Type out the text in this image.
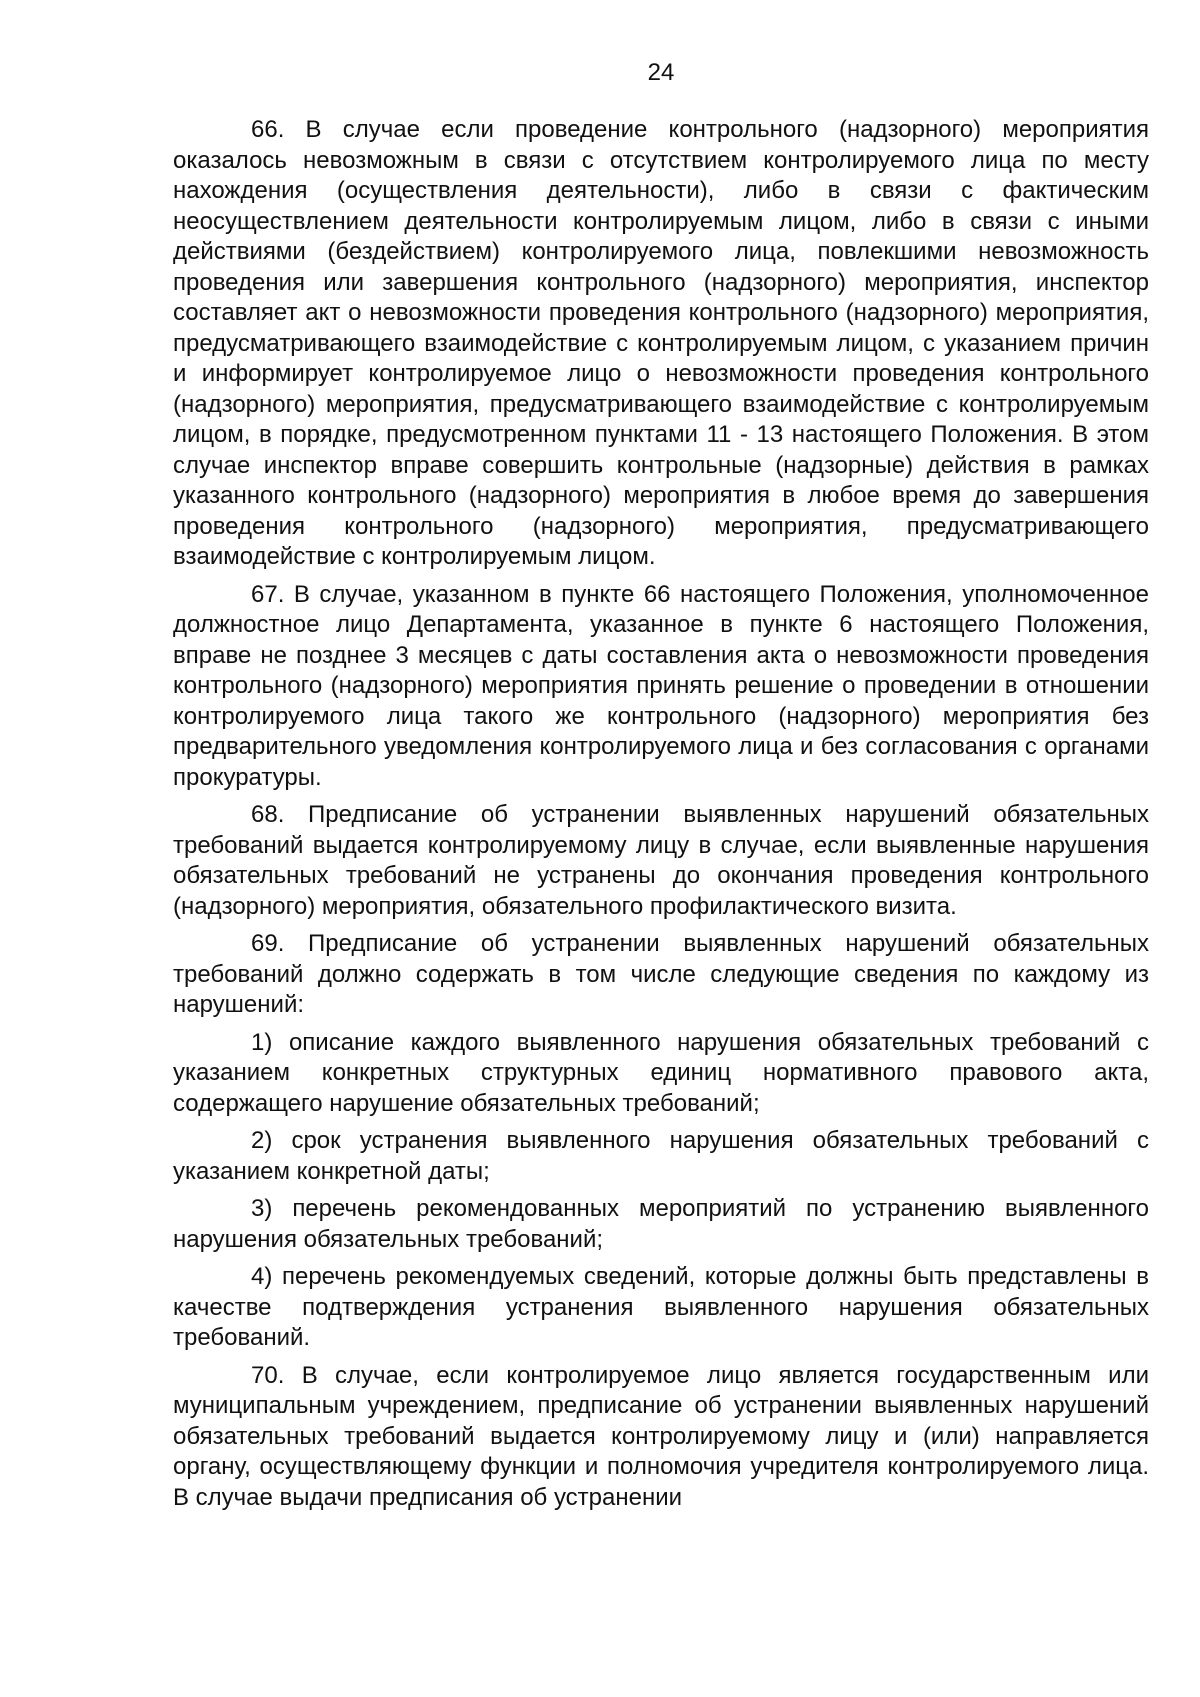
24

66. В случае если проведение контрольного (надзорного) мероприятия оказалось невозможным в связи с отсутствием контролируемого лица по месту нахождения (осуществления деятельности), либо в связи с фактическим неосуществлением деятельности контролируемым лицом, либо в связи с иными действиями (бездействием) контролируемого лица, повлекшими невозможность проведения или завершения контрольного (надзорного) мероприятия, инспектор составляет акт о невозможности проведения контрольного (надзорного) мероприятия, предусматривающего взаимодействие с контролируемым лицом, с указанием причин и информирует контролируемое лицо о невозможности проведения контрольного (надзорного) мероприятия, предусматривающего взаимодействие с контролируемым лицом, в порядке, предусмотренном пунктами 11 - 13 настоящего Положения. В этом случае инспектор вправе совершить контрольные (надзорные) действия в рамках указанного контрольного (надзорного) мероприятия в любое время до завершения проведения контрольного (надзорного) мероприятия, предусматривающего взаимодействие с контролируемым лицом.

67. В случае, указанном в пункте 66 настоящего Положения, уполномоченное должностное лицо Департамента, указанное в пункте 6 настоящего Положения, вправе не позднее 3 месяцев с даты составления акта о невозможности проведения контрольного (надзорного) мероприятия принять решение о проведении в отношении контролируемого лица такого же контрольного (надзорного) мероприятия без предварительного уведомления контролируемого лица и без согласования с органами прокуратуры.

68. Предписание об устранении выявленных нарушений обязательных требований выдается контролируемому лицу в случае, если выявленные нарушения обязательных требований не устранены до окончания проведения контрольного (надзорного) мероприятия, обязательного профилактического визита.

69. Предписание об устранении выявленных нарушений обязательных требований должно содержать в том числе следующие сведения по каждому из нарушений:

1) описание каждого выявленного нарушения обязательных требований с указанием конкретных структурных единиц нормативного правового акта, содержащего нарушение обязательных требований;

2) срок устранения выявленного нарушения обязательных требований с указанием конкретной даты;

3) перечень рекомендованных мероприятий по устранению выявленного нарушения обязательных требований;

4) перечень рекомендуемых сведений, которые должны быть представлены в качестве подтверждения устранения выявленного нарушения обязательных требований.

70. В случае, если контролируемое лицо является государственным или муниципальным учреждением, предписание об устранении выявленных нарушений обязательных требований выдается контролируемому лицу и (или) направляется органу, осуществляющему функции и полномочия учредителя контролируемого лица. В случае выдачи предписания об устранении
